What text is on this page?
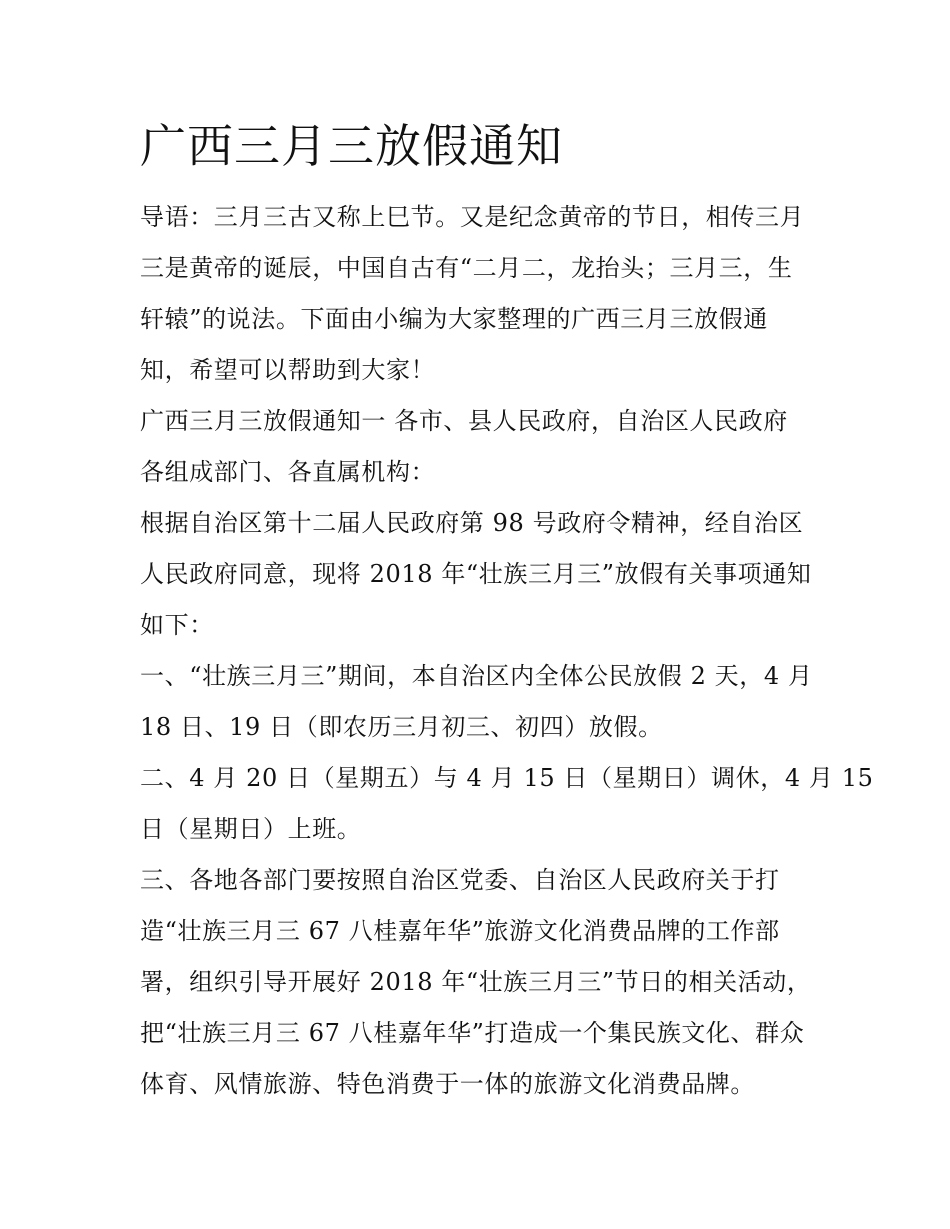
广西三月三放假通知
导语：三月三古又称上巳节。又是纪念黄帝的节日，相传三月
三是黄帝的诞辰，中国自古有“二月二，龙抬头；三月三，生
轩辕”的说法。下面由小编为大家整理的广西三月三放假通
知，希望可以帮助到大家！
广西三月三放假通知一 各市、县人民政府，自治区人民政府
各组成部门、各直属机构：
根据自治区第十二届人民政府第 98 号政府令精神，经自治区
人民政府同意，现将 2018 年“壮族三月三”放假有关事项通知
如下：
一、“壮族三月三”期间，本自治区内全体公民放假 2 天，4 月
18 日、19 日（即农历三月初三、初四）放假。
二、4 月 20 日（星期五）与 4 月 15 日（星期日）调休，4 月 15
日（星期日）上班。
三、各地各部门要按照自治区党委、自治区人民政府关于打
造“壮族三月三 67 八桂嘉年华”旅游文化消费品牌的工作部
署，组织引导开展好 2018 年“壮族三月三”节日的相关活动，
把“壮族三月三 67 八桂嘉年华”打造成一个集民族文化、群众
体育、风情旅游、特色消费于一体的旅游文化消费品牌。
